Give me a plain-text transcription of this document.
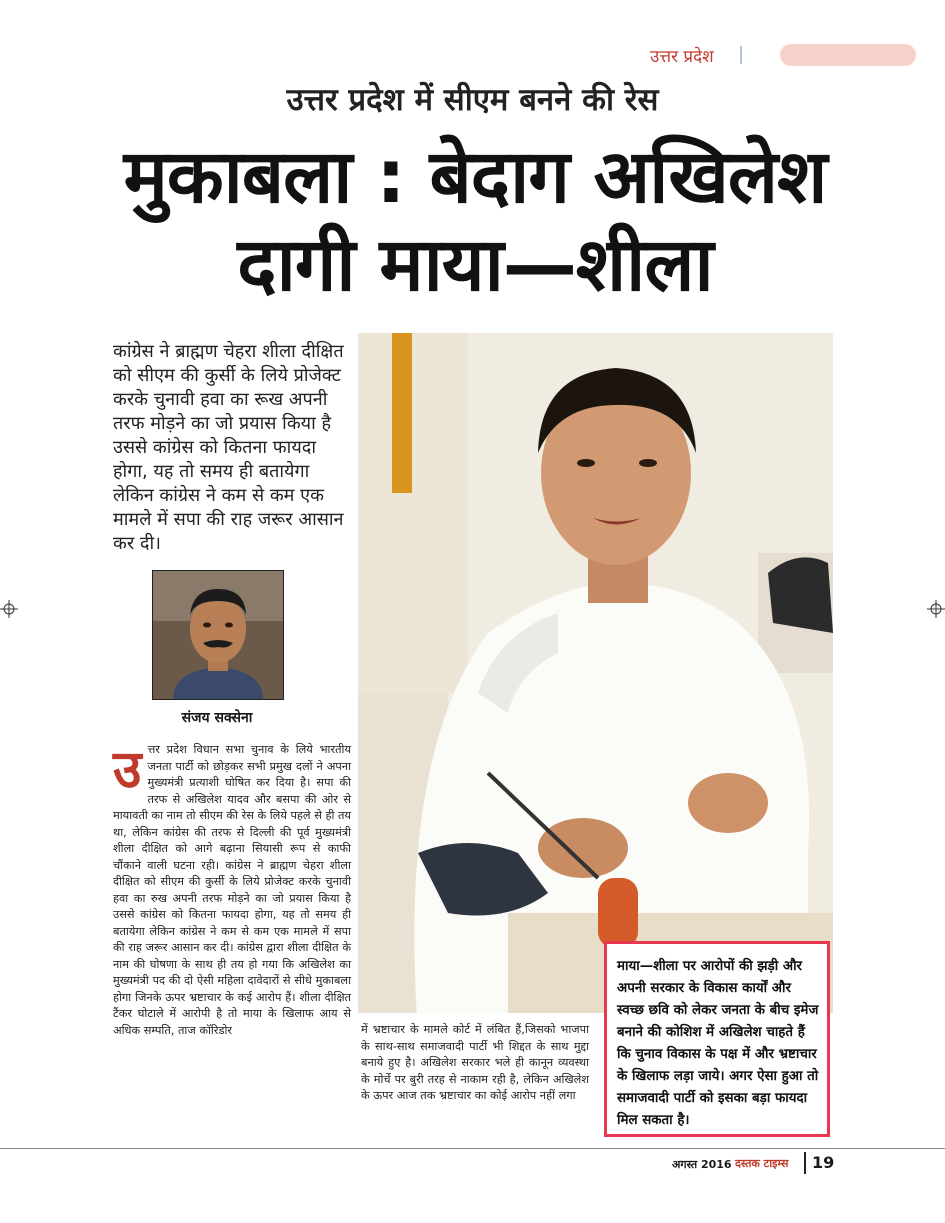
उत्तर प्रदेश
उत्तर प्रदेश में सीएम बनने की रेस
मुकाबला : बेदाग अखिलेश
दागी माया—शीला
कांग्रेस ने ब्राह्मण चेहरा शीला दीक्षित को सीएम की कुर्सी के लिये प्रोजेक्ट करके चुनावी हवा का रूख अपनी तरफ मोड़ने का जो प्रयास किया है उससे कांग्रेस को कितना फायदा होगा, यह तो समय ही बतायेगा लेकिन कांग्रेस ने कम से कम एक मामले में सपा की राह जरूर आसान कर दी।
संजय सक्सेना
उत्तर प्रदेश विधान सभा चुनाव के लिये भारतीय जनता पार्टी को छोड़कर सभी प्रमुख दलों ने अपना मुख्यमंत्री प्रत्याशी घोषित कर दिया है। सपा की तरफ से अखिलेश यादव और बसपा की ओर से मायावती का नाम तो सीएम की रेस के लिये पहले से ही तय था, लेकिन कांग्रेस की तरफ से दिल्ली की पूर्व मुख्यमंत्री शीला दीक्षित को आगे बढ़ाना सियासी रूप से काफी चौंकाने वाली घटना रही। कांग्रेस ने ब्राह्मण चेहरा शीला दीक्षित को सीएम की कुर्सी के लिये प्रोजेक्ट करके चुनावी हवा का रुख अपनी तरफ मोड़ने का जो प्रयास किया है उससे कांग्रेस को कितना फायदा होगा, यह तो समय ही बतायेगा लेकिन कांग्रेस ने कम से कम एक मामले में सपा की राह जरूर आसान कर दी। कांग्रेस द्वारा शीला दीक्षित के नाम की घोषणा के साथ ही तय हो गया कि अखिलेश का मुख्यमंत्री पद की दो ऐसी महिला दावेदारों से सीधे मुकाबला होगा जिनके ऊपर भ्रष्टाचार के कई आरोप हैं। शीला दीक्षित टैंकर घोटाले में आरोपी है तो माया के खिलाफ आय से अधिक सम्पति, ताज कॉरिडोर	में भ्रष्टाचार के मामले कोर्ट में लंबित हैं,जिसको भाजपा के साथ-साथ समाजवादी पार्टी भी शिद्दत के साथ मुद्दा बनाये हुए है। अखिलेश सरकार भले ही कानून व्यवस्था के मोर्चे पर बुरी तरह से नाकाम रही है, लेकिन अखिलेश के ऊपर आज तक भ्रष्टाचार का कोई आरोप नहीं लगा
माया—शीला पर आरोपों की झड़ी और अपनी सरकार के विकास कार्यों और स्वच्छ छवि को लेकर जनता के बीच इमेज बनाने की कोशिश में अखिलेश चाहते हैं कि चुनाव विकास के पक्ष में और भ्रष्टाचार के खिलाफ लड़ा जाये। अगर ऐसा हुआ तो समाजवादी पार्टी को इसका बड़ा फायदा मिल सकता है।
अगस्त 2016 दस्तक टाइम्स 19
